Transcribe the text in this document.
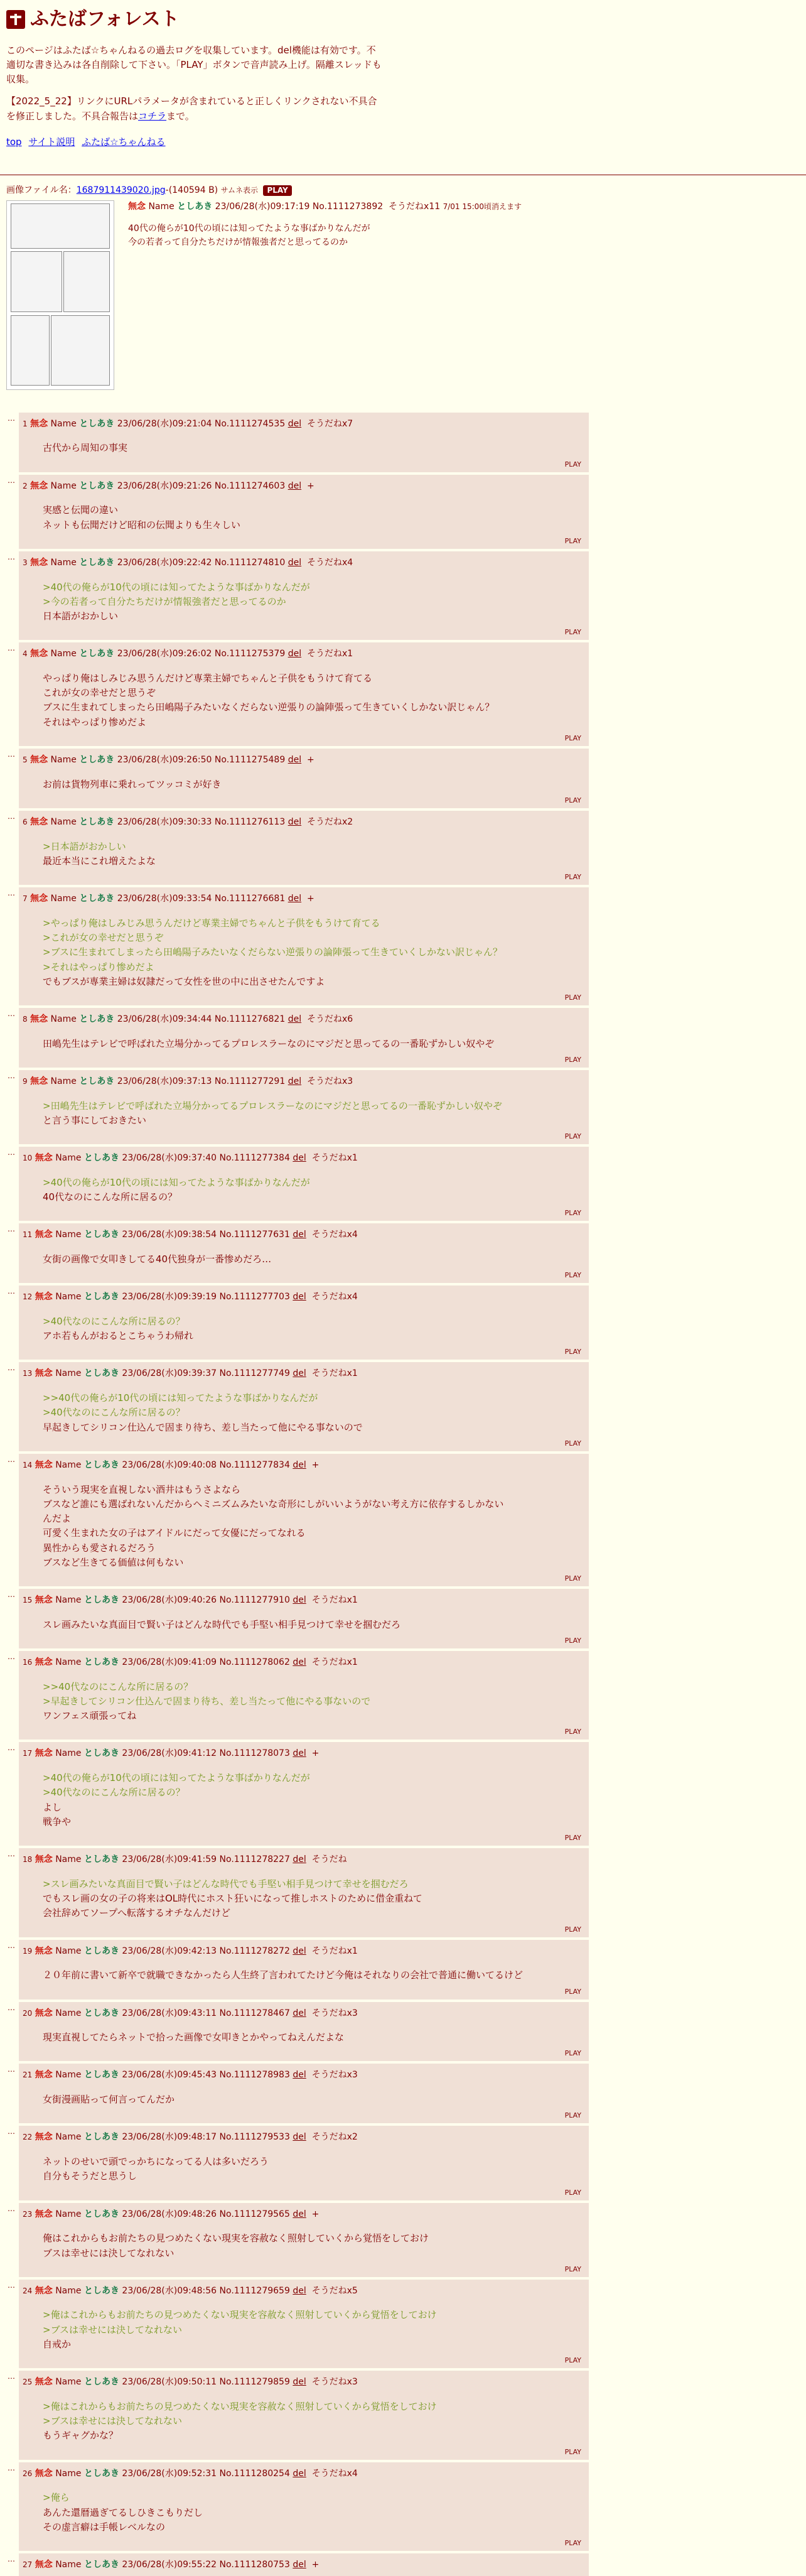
ふたばフォレスト

このページはふたば☆ちゃんねるの過去ログを収集しています。del機能は有効です。不適切な書き込みは各自削除して下さい。「PLAY」ボタンで音声読み上げ。隔離スレッドも収集。

【2022_5_22】リンクにURLパラメータが含まれていると正しくリンクされない不具合を修正しました。不具合報告はコチラまで。

top サイト説明 ふたば☆ちゃんねる
画像ファイル名：1687911439020.jpg-(140594 B) サムネ表示 PLAY
無念 Name としあき 23/06/28(水)09:17:19 No.1111273892 そうだねx11 7/01 15:00頃消えます
40代の俺らが10代の頃には知ってたような事ばかりなんだが
今の若者って自分たちだけが情報強者だと思ってるのか
…
1 無念 Name としあき 23/06/28(水)09:21:04 No.1111274535 del そうだねx7
古代から周知の事実
PLAY
…
2 無念 Name としあき 23/06/28(水)09:21:26 No.1111274603 del +
実感と伝聞の違い
ネットも伝聞だけど昭和の伝聞よりも生々しい
PLAY
…
3 無念 Name としあき 23/06/28(水)09:22:42 No.1111274810 del そうだねx4
>40代の俺らが10代の頃には知ってたような事ばかりなんだが
>今の若者って自分たちだけが情報強者だと思ってるのか
日本語がおかしい
PLAY
…
4 無念 Name としあき 23/06/28(水)09:26:02 No.1111275379 del そうだねx1
やっぱり俺はしみじみ思うんだけど専業主婦でちゃんと子供をもうけて育てる
これが女の幸せだと思うぞ
ブスに生まれてしまったら田嶋陽子みたいなくだらない逆張りの論陣張って生きていくしかない訳じゃん？
それはやっぱり惨めだよ
PLAY
…
5 無念 Name としあき 23/06/28(水)09:26:50 No.1111275489 del +
お前は貨物列車に乗れってツッコミが好き
PLAY
…
6 無念 Name としあき 23/06/28(水)09:30:33 No.1111276113 del そうだねx2
>日本語がおかしい
最近本当にこれ増えたよな
PLAY
…
7 無念 Name としあき 23/06/28(水)09:33:54 No.1111276681 del +
>やっぱり俺はしみじみ思うんだけど専業主婦でちゃんと子供をもうけて育てる
>これが女の幸せだと思うぞ
>ブスに生まれてしまったら田嶋陽子みたいなくだらない逆張りの論陣張って生きていくしかない訳じゃん？
>それはやっぱり惨めだよ
でもブスが専業主婦は奴隷だって女性を世の中に出させたんですよ
PLAY
…
8 無念 Name としあき 23/06/28(水)09:34:44 No.1111276821 del そうだねx6
田嶋先生はテレビで呼ばれた立場分かってるプロレスラーなのにマジだと思ってるの一番恥ずかしい奴やぞ
PLAY
…
9 無念 Name としあき 23/06/28(水)09:37:13 No.1111277291 del そうだねx3
>田嶋先生はテレビで呼ばれた立場分かってるプロレスラーなのにマジだと思ってるの一番恥ずかしい奴やぞ
と言う事にしておきたい
PLAY
…
10 無念 Name としあき 23/06/28(水)09:37:40 No.1111277384 del そうだねx1
>40代の俺らが10代の頃には知ってたような事ばかりなんだが
40代なのにこんな所に居るの？
PLAY
…
11 無念 Name としあき 23/06/28(水)09:38:54 No.1111277631 del そうだねx4
女街の画像で女叩きしてる40代独身が一番惨めだろ…
PLAY
…
12 無念 Name としあき 23/06/28(水)09:39:19 No.1111277703 del そうだねx4
>40代なのにこんな所に居るの？
アホ若もんがおるとこちゃうわ帰れ
PLAY
…
13 無念 Name としあき 23/06/28(水)09:39:37 No.1111277749 del そうだねx1
>>40代の俺らが10代の頃には知ってたような事ばかりなんだが
>40代なのにこんな所に居るの？
早起きしてシリコン仕込んで固まり待ち、差し当たって他にやる事ないので
PLAY
…
14 無念 Name としあき 23/06/28(水)09:40:08 No.1111277834 del +
そういう現実を直視しない酒井はもうさよなら
ブスなど誰にも選ばれないんだからヘミニズムみたいな奇形にしがいいようがない考え方に依存するしかない
んだよ
可愛く生まれた女の子はアイドルにだって女優にだってなれる
異性からも愛されるだろう
ブスなど生きてる価値は何もない
PLAY
…
15 無念 Name としあき 23/06/28(水)09:40:26 No.1111277910 del そうだねx1
スレ画みたいな真面目で賢い子はどんな時代でも手堅い相手見つけて幸せを掴むだろ
PLAY
…
16 無念 Name としあき 23/06/28(水)09:41:09 No.1111278062 del そうだねx1
>>40代なのにこんな所に居るの？
>早起きしてシリコン仕込んで固まり待ち、差し当たって他にやる事ないので
ワンフェス頑張ってね
PLAY
…
17 無念 Name としあき 23/06/28(水)09:41:12 No.1111278073 del +
>40代の俺らが10代の頃には知ってたような事ばかりなんだが
>40代なのにこんな所に居るの？
よし
戦争や
PLAY
…
18 無念 Name としあき 23/06/28(水)09:41:59 No.1111278227 del そうだね
>スレ画みたいな真面目で賢い子はどんな時代でも手堅い相手見つけて幸せを掴むだろ
でもスレ画の女の子の将来はOL時代にホスト狂いになって推しホストのために借金重ねて
会社辞めてソープへ転落するオチなんだけど
PLAY
…
19 無念 Name としあき 23/06/28(水)09:42:13 No.1111278272 del そうだねx1
２０年前に書いて新卒で就職できなかったら人生終了言われてたけど今俺はそれなりの会社で普通に働いてるけど
PLAY
…
20 無念 Name としあき 23/06/28(水)09:43:11 No.1111278467 del そうだねx3
現実直視してたらネットで拾った画像で女叩きとかやってねえんだよな
PLAY
…
21 無念 Name としあき 23/06/28(水)09:45:43 No.1111278983 del そうだねx3
女街漫画貼って何言ってんだか
PLAY
…
22 無念 Name としあき 23/06/28(水)09:48:17 No.1111279533 del そうだねx2
ネットのせいで頭でっかちになってる人は多いだろう
自分もそうだと思うし
PLAY
…
23 無念 Name としあき 23/06/28(水)09:48:26 No.1111279565 del +
俺はこれからもお前たちの見つめたくない現実を容赦なく照射していくから覚悟をしておけ
ブスは幸せには決してなれない
PLAY
…
24 無念 Name としあき 23/06/28(水)09:48:56 No.1111279659 del そうだねx5
>俺はこれからもお前たちの見つめたくない現実を容赦なく照射していくから覚悟をしておけ
>ブスは幸せには決してなれない
自戒か
PLAY
…
25 無念 Name としあき 23/06/28(水)09:50:11 No.1111279859 del そうだねx3
>俺はこれからもお前たちの見つめたくない現実を容赦なく照射していくから覚悟をしておけ
>ブスは幸せには決してなれない
もうギャグかな？
PLAY
…
26 無念 Name としあき 23/06/28(水)09:52:31 No.1111280254 del そうだねx4
>俺ら
あんた還暦過ぎてるしひきこもりだし
その虚言癖は手帳レベルなの
PLAY
…
27 無念 Name としあき 23/06/28(水)09:55:22 No.1111280753 del +
